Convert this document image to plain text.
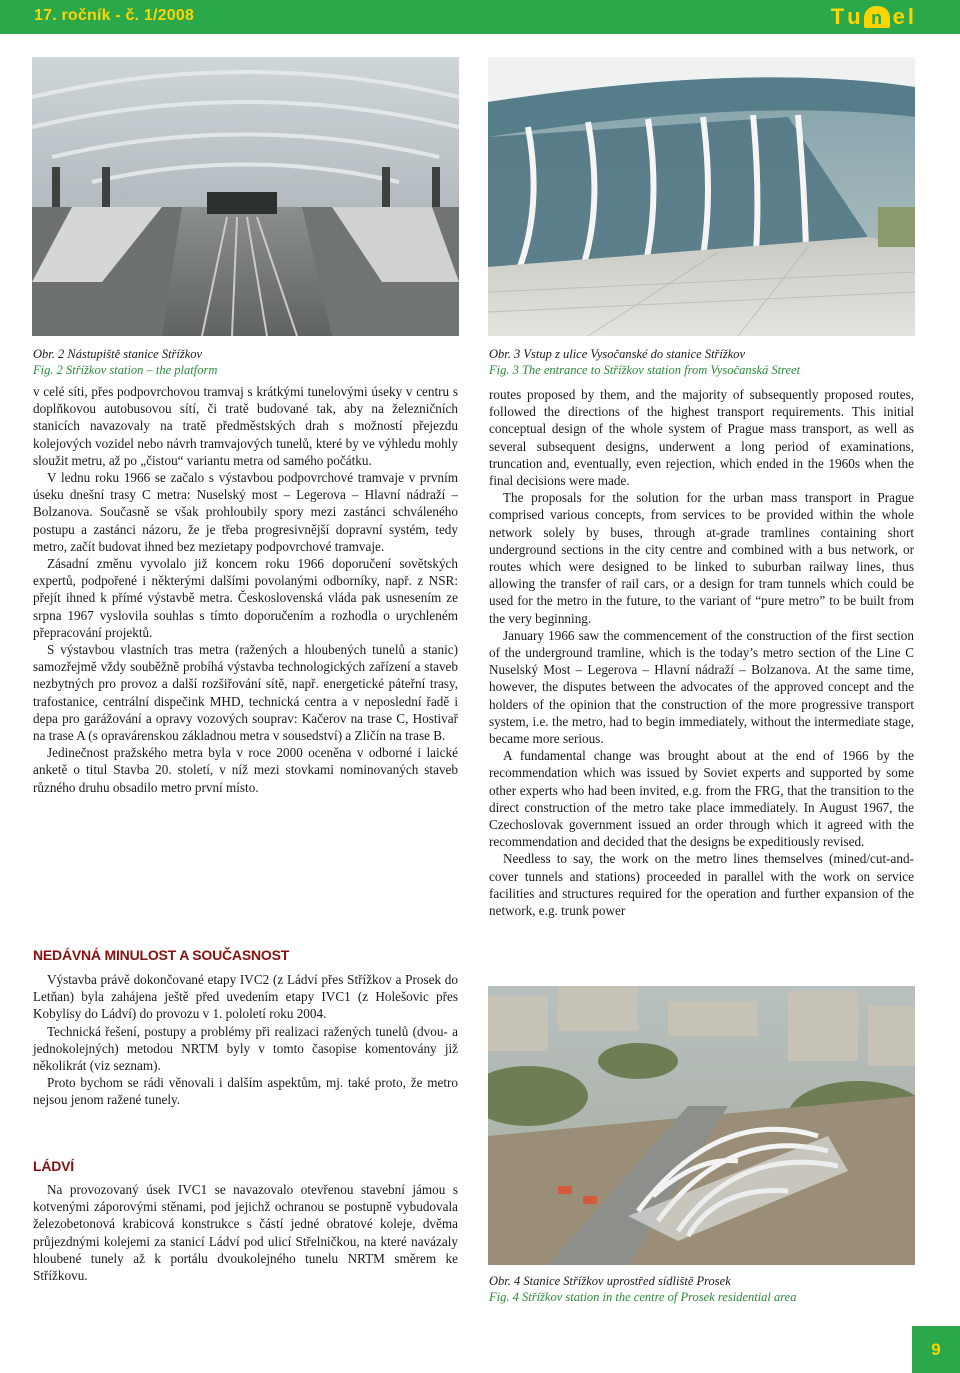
17. ročník - č. 1/2008	T u n e l
Obr. 2 Nástupiště stanice Střížkov
Fig. 2 Střížkov station – the platform
Obr. 3 Vstup z ulice Vysočanské do stanice Střížkov
Fig. 3 The entrance to Střížkov station from Vysočanská Street

v celé síti, přes podpovrchovou tramvaj s krátkými tunelovými úseky v centru s doplňkovou autobusovou sítí, či tratě budované tak, aby na železničních stanicích navazovaly na tratě předměstských drah s možností přejezdu kolejových vozidel nebo návrh tramvajových tunelů, které by ve výhledu mohly sloužit metru, až po „čistou“ variantu metra od samého počátku.

V lednu roku 1966 se začalo s výstavbou podpovrchové tramvaje v prvním úseku dnešní trasy C metra: Nuselský most – Legerova – Hlavní nádraží – Bolzanova. Současně se však prohloubily spory mezi zastánci schváleného postupu a zastánci názoru, že je třeba progresivnější dopravní systém, tedy metro, začít budovat ihned bez mezietapy podpovrchové tramvaje.

Zásadní změnu vyvolalo již koncem roku 1966 doporučení sovětských expertů, podpořené i některými dalšími povolanými odborníky, např. z NSR: přejít ihned k přímé výstavbě metra. Československá vláda pak usnesením ze srpna 1967 vyslovila souhlas s tímto doporučením a rozhodla o urychleném přepracování projektů.

S výstavbou vlastních tras metra (ražených a hloubených tunelů a stanic) samozřejmě vždy souběžně probíhá výstavba technologických zařízení a staveb nezbytných pro provoz a další rozšiřování sítě, např. energetické páteřní trasy, trafostanice, centrální dispečink MHD, technická centra a v neposlední řadě i depa pro garážování a opravy vozových souprav: Kačerov na trase C, Hostivař na trase A (s opravárenskou základnou metra v sousedství) a Zličín na trase B.

Jedinečnost pražského metra byla v roce 2000 oceněna v odborné i laické anketě o titul Stavba 20. století, v níž mezi stovkami nominovaných staveb různého druhu obsadilo metro první místo.

NEDÁVNÁ MINULOST A SOUČASNOST

Výstavba právě dokončované etapy IVC2 (z Ládví přes Střížkov a Prosek do Letňan) byla zahájena ještě před uvedením etapy IVC1 (z Holešovic přes Kobylisy do Ládví) do provozu v 1. pololetí roku 2004.

Technická řešení, postupy a problémy při realizaci ražených tunelů (dvou- a jednokolejných) metodou NRTM byly v tomto časopise komentovány již několikrát (viz seznam).

Proto bychom se rádi věnovali i dalším aspektům, mj. také proto, že metro nejsou jenom ražené tunely.

LÁDVÍ

Na provozovaný úsek IVC1 se navazovalo otevřenou stavební jámou s kotvenými záporovými stěnami, pod jejichž ochranou se postupně vybudovala železobetonová krabicová konstrukce s částí jedné obratové koleje, dvěma průjezdnými kolejemi za stanicí Ládví pod ulicí Střelničkou, na které navázaly hloubené tunely až k portálu dvoukolejného tunelu NRTM směrem ke Střížkovu.

routes proposed by them, and the majority of subsequently proposed routes, followed the directions of the highest transport requirements. This initial conceptual design of the whole system of Prague mass transport, as well as several subsequent designs, underwent a long period of examinations, truncation and, eventually, even rejection, which ended in the 1960s when the final decisions were made.

The proposals for the solution for the urban mass transport in Prague comprised various concepts, from services to be provided within the whole network solely by buses, through at-grade tramlines containing short underground sections in the city centre and combined with a bus network, or routes which were designed to be linked to suburban railway lines, thus allowing the transfer of rail cars, or a design for tram tunnels which could be used for the metro in the future, to the variant of “pure metro” to be built from the very beginning.

January 1966 saw the commencement of the construction of the first section of the underground tramline, which is the today’s metro section of the Line C Nuselský Most – Legerova – Hlavní nádraží – Bolzanova. At the same time, however, the disputes between the advocates of the approved concept and the holders of the opinion that the construction of the more progressive transport system, i.e. the metro, had to begin immediately, without the intermediate stage, became more serious.

A fundamental change was brought about at the end of 1966 by the recommendation which was issued by Soviet experts and supported by some other experts who had been invited, e.g. from the FRG, that the transition to the direct construction of the metro take place immediately. In August 1967, the Czechoslovak government issued an order through which it agreed with the recommendation and decided that the designs be expeditiously revised.

Needless to say, the work on the metro lines themselves (mined/cut-and-cover tunnels and stations) proceeded in parallel with the work on service facilities and structures required for the operation and further expansion of the network, e.g. trunk power

Obr. 4 Stanice Střížkov uprostřed sídliště Prosek
Fig. 4 Střížkov station in the centre of Prosek residential area
9
